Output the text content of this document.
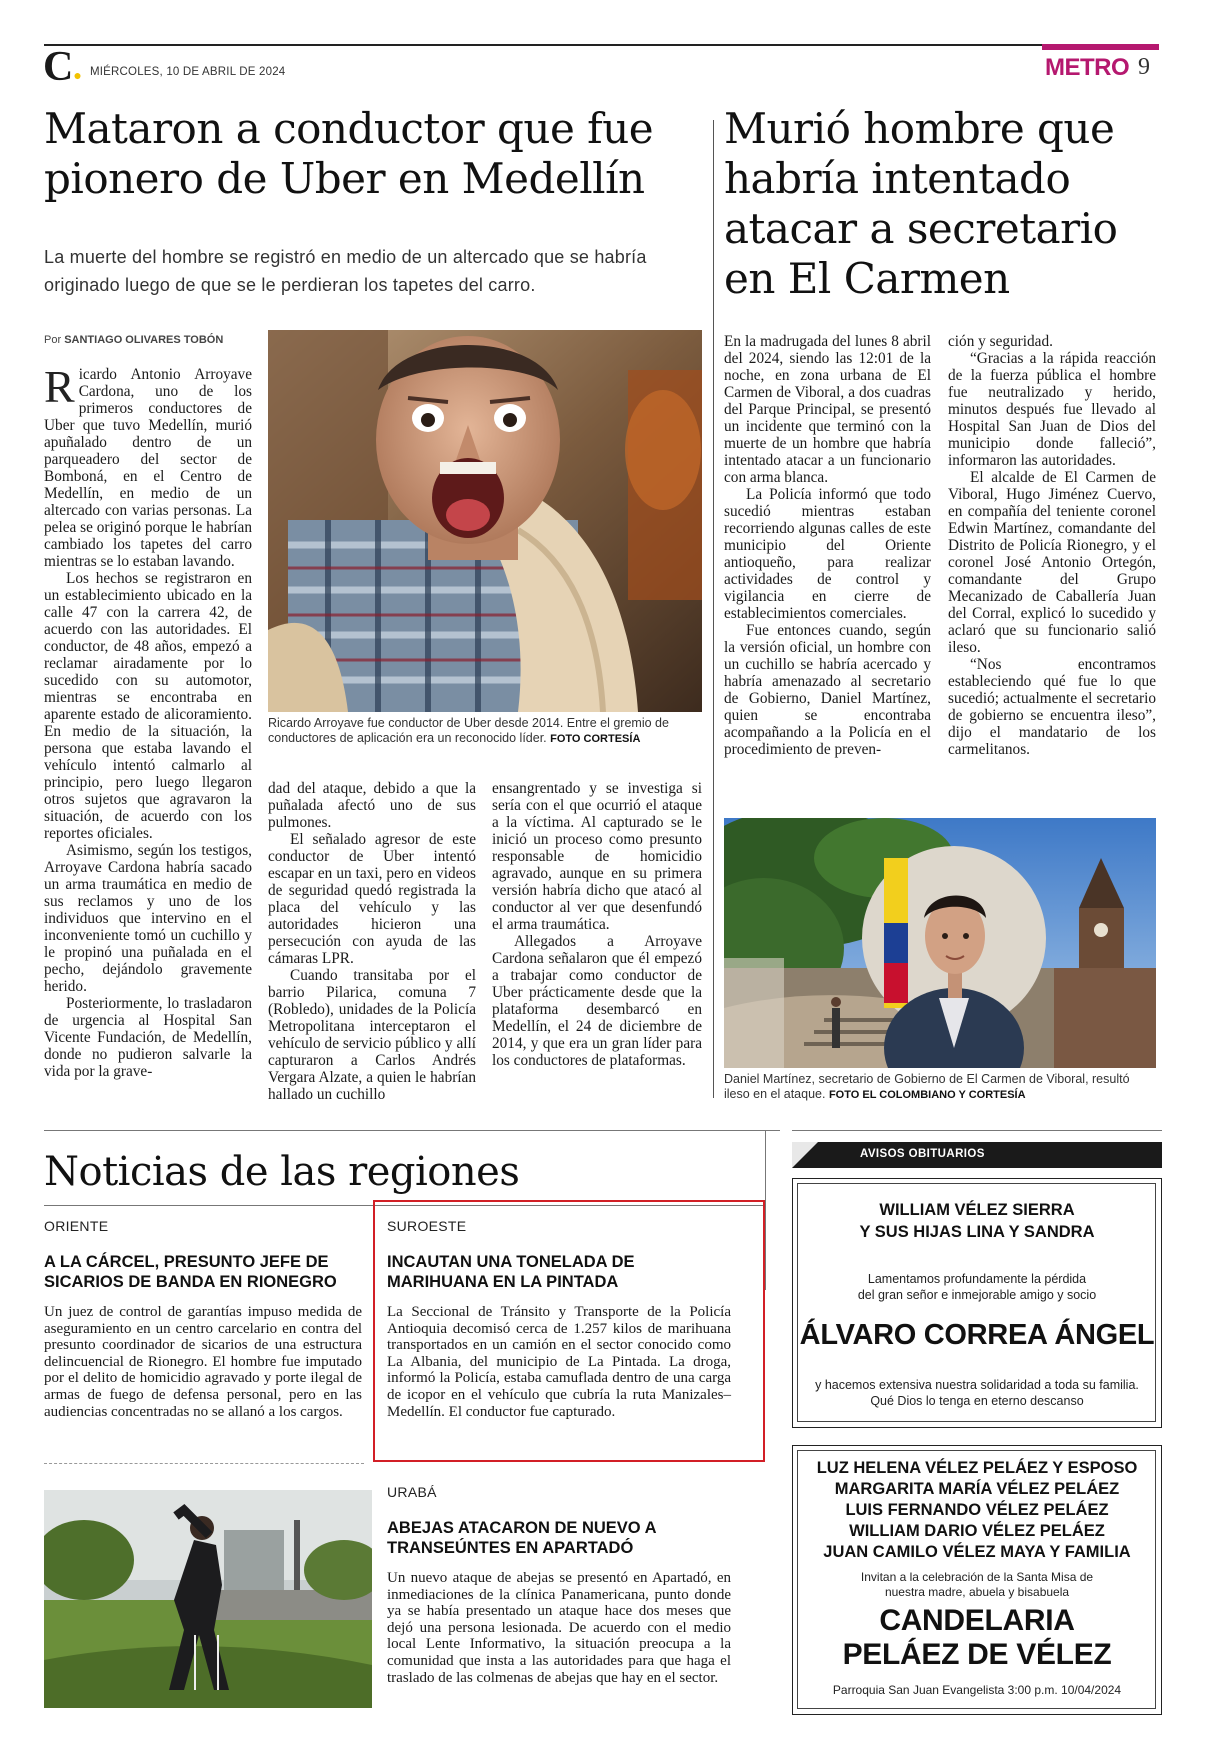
C● MIÉRCOLES, 10 DE ABRIL DE 2024	METRO 9
Mataron a conductor que fue pionero de Uber en Medellín
La muerte del hombre se registró en medio de un altercado que se habría originado luego de que se le perdieran los tapetes del carro.
Por SANTIAGO OLIVARES TOBÓN
Ricardo Arroyave fue conductor de Uber desde 2014. Entre el gremio de conductores de aplicación era un reconocido líder. FOTO CORTESÍA

Ricardo Antonio Arroyave Cardona, uno de los primeros conductores de Uber que tuvo Medellín, murió apuñalado dentro de un parqueadero del sector de Bomboná, en el Centro de Medellín, en medio de un altercado con varias personas. La pelea se originó porque le habrían cambiado los tapetes del carro mientras se lo estaban lavando.

Los hechos se registraron en un establecimiento ubicado en la calle 47 con la carrera 42, de acuerdo con las autoridades. El conductor, de 48 años, empezó a reclamar airadamente por lo sucedido con su automotor, mientras se encontraba en aparente estado de alicoramiento. En medio de la situación, la persona que estaba lavando el vehículo intentó calmarlo al principio, pero luego llegaron otros sujetos que agravaron la situación, de acuerdo con los reportes oficiales.

Asimismo, según los testigos, Arroyave Cardona habría sacado un arma traumática en medio de sus reclamos y uno de los individuos que intervino en el inconveniente tomó un cuchillo y le propinó una puñalada en el pecho, dejándolo gravemente herido.

Posteriormente, lo trasladaron de urgencia al Hospital San Vicente Fundación, de Medellín, donde no pudieron salvarle la vida por la grave-

dad del ataque, debido a que la puñalada afectó uno de sus pulmones.

El señalado agresor de este conductor de Uber intentó escapar en un taxi, pero en videos de seguridad quedó registrada la placa del vehículo y las autoridades hicieron una persecución con ayuda de las cámaras LPR.

Cuando transitaba por el barrio Pilarica, comuna 7 (Robledo), unidades de la Policía Metropolitana interceptaron el vehículo de servicio público y allí capturaron a Carlos Andrés Vergara Alzate, a quien le habrían hallado un cuchillo

ensangrentado y se investiga si sería con el que ocurrió el ataque a la víctima. Al capturado se le inició un proceso como presunto responsable de homicidio agravado, aunque en su primera versión habría dicho que atacó al conductor al ver que desenfundó el arma traumática.

Allegados a Arroyave Cardona señalaron que él empezó a trabajar como conductor de Uber prácticamente desde que la plataforma desembarcó en Medellín, el 24 de diciembre de 2014, y que era un gran líder para los conductores de plataformas.

Murió hombre que habría intentado atacar a secretario en El Carmen

En la madrugada del lunes 8 abril del 2024, siendo las 12:01 de la noche, en zona urbana de El Carmen de Viboral, a dos cuadras del Parque Principal, se presentó un incidente que terminó con la muerte de un hombre que habría intentado atacar a un funcionario con arma blanca.

La Policía informó que todo sucedió mientras estaban recorriendo algunas calles de este municipio del Oriente antioqueño, para realizar actividades de control y vigilancia en cierre de establecimientos comerciales.

Fue entonces cuando, según la versión oficial, un hombre con un cuchillo se habría acercado y habría amenazado al secretario de Gobierno, Daniel Martínez, quien se encontraba acompañando a la Policía en el procedimiento de preven-

ción y seguridad.

“Gracias a la rápida reacción de la fuerza pública el hombre fue neutralizado y herido, minutos después fue llevado al Hospital San Juan de Dios del municipio donde falleció”, informaron las autoridades.

El alcalde de El Carmen de Viboral, Hugo Jiménez Cuervo, en compañía del teniente coronel Edwin Martínez, comandante del Distrito de Policía Rionegro, y el coronel José Antonio Ortegón, comandante del Grupo Mecanizado de Caballería Juan del Corral, explicó lo sucedido y aclaró que su funcionario salió ileso.

“Nos encontramos estableciendo qué fue lo que sucedió; actualmente el secretario de gobierno se encuentra ileso”, dijo el mandatario de los carmelitanos.

Daniel Martínez, secretario de Gobierno de El Carmen de Viboral, resultó ileso en el ataque. FOTO EL COLOMBIANO Y CORTESÍA
Noticias de las regiones
ORIENTE
A LA CÁRCEL, PRESUNTO JEFE DE SICARIOS DE BANDA EN RIONEGRO
Un juez de control de garantías impuso medida de aseguramiento en un centro carcelario en contra del presunto coordinador de sicarios de una estructura delincuencial de Rionegro. El hombre fue imputado por el delito de homicidio agravado y porte ilegal de armas de fuego de defensa personal, pero en las audiencias concentradas no se allanó a los cargos.
SUROESTE
INCAUTAN UNA TONELADA DE MARIHUANA EN LA PINTADA
La Seccional de Tránsito y Transporte de la Policía Antioquia decomisó cerca de 1.257 kilos de marihuana transportados en un camión en el sector conocido como La Albania, del municipio de La Pintada. La droga, informó la Policía, estaba camuflada dentro de una carga de icopor en el vehículo que cubría la ruta Manizales–Medellín. El conductor fue capturado.
URABÁ
ABEJAS ATACARON DE NUEVO A TRANSEÚNTES EN APARTADÓ
Un nuevo ataque de abejas se presentó en Apartadó, en inmediaciones de la clínica Panamericana, punto donde ya se había presentado un ataque hace dos meses que dejó una persona lesionada. De acuerdo con el medio local Lente Informativo, la situación preocupa a la comunidad que insta a las autoridades para que haga el traslado de las colmenas de abejas que hay en el sector.
AVISOS OBITUARIOS
WILLIAM VÉLEZ SIERRA
Y SUS HIJAS LINA Y SANDRA
Lamentamos profundamente la pérdida
del gran señor e inmejorable amigo y socio
ÁLVARO CORREA ÁNGEL
y hacemos extensiva nuestra solidaridad a toda su familia.
Qué Dios lo tenga en eterno descanso
LUZ HELENA VÉLEZ PELÁEZ Y ESPOSO
MARGARITA MARÍA VÉLEZ PELÁEZ
LUIS FERNANDO VÉLEZ PELÁEZ
WILLIAM DARIO VÉLEZ PELÁEZ
JUAN CAMILO VÉLEZ MAYA Y FAMILIA
Invitan a la celebración de la Santa Misa de
nuestra madre, abuela y bisabuela
CANDELARIA
PELÁEZ DE VÉLEZ
Parroquia San Juan Evangelista 3:00 p.m. 10/04/2024
